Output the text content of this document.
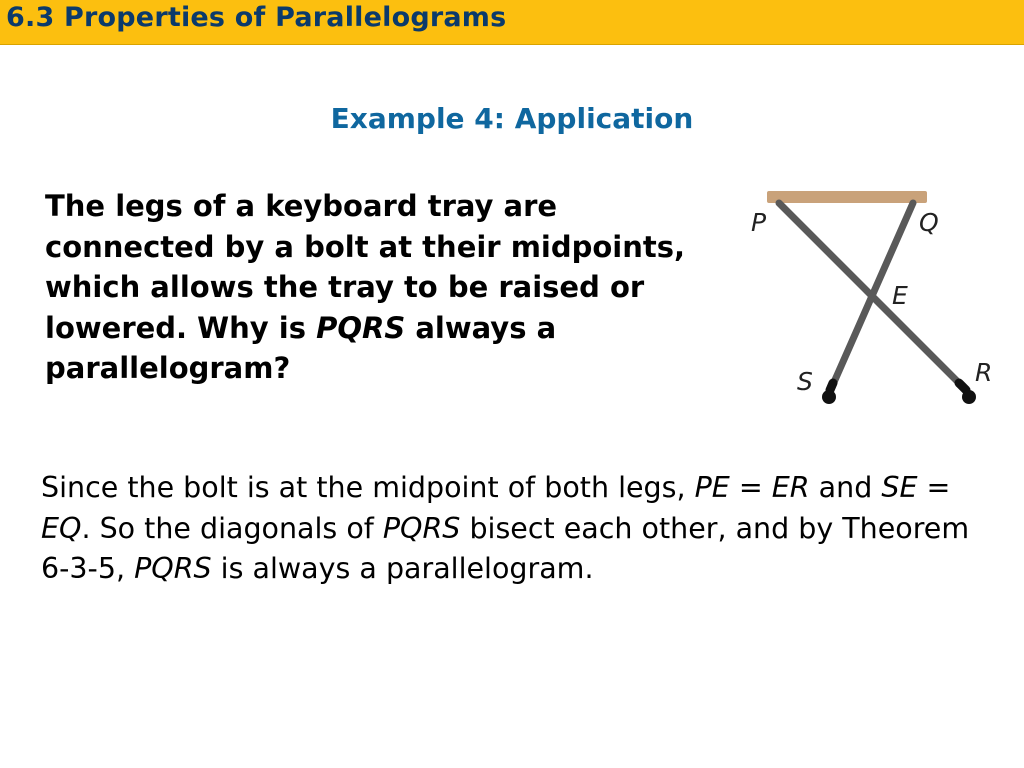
6.3 Properties of Parallelograms
Example 4: Application

The legs of a keyboard tray are connected by a bolt at their midpoints, which allows the tray to be raised or lowered. Why is PQRS always a parallelogram?

Since the bolt is at the midpoint of both legs, PE = ER and SE = EQ. So the diagonals of PQRS bisect each other, and by Theorem 6-3-5, PQRS is always a parallelogram.

P	Q
E
S	R
